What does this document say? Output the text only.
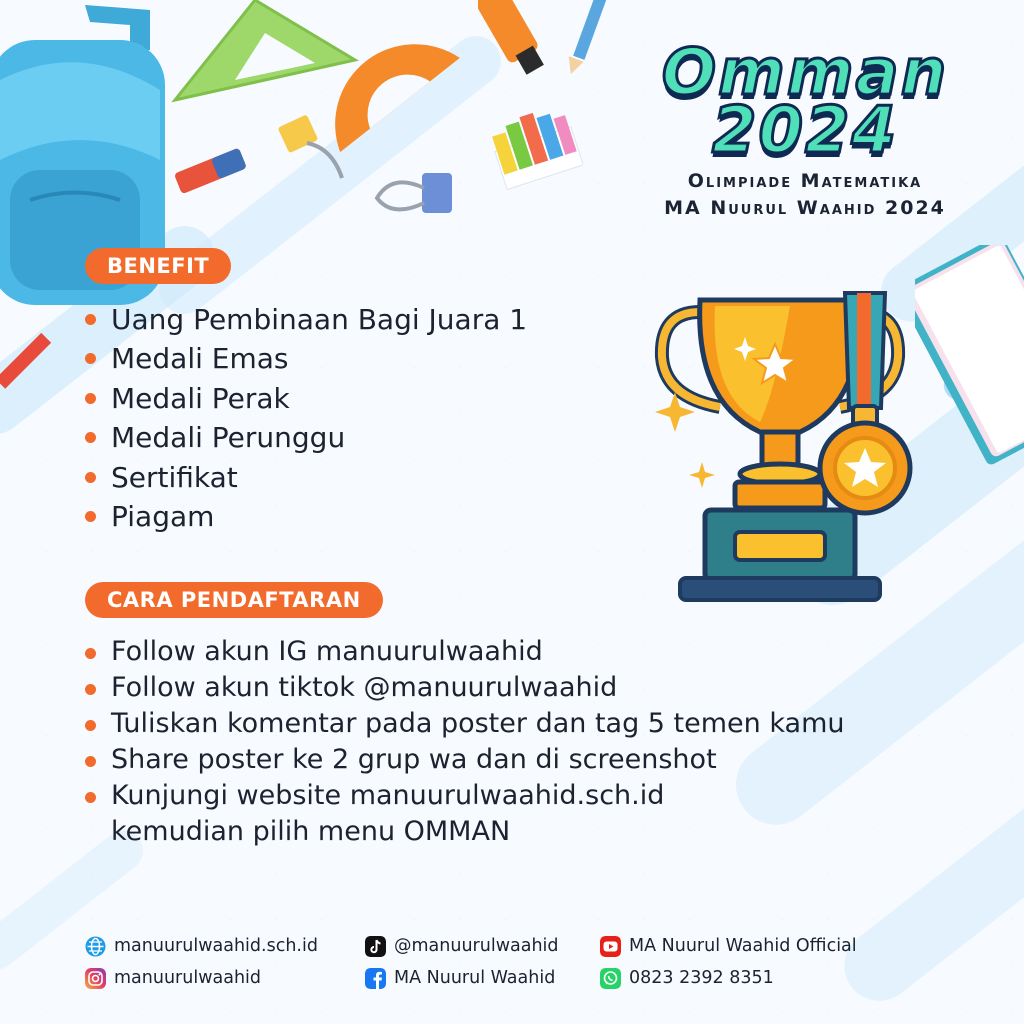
Omman
2024
Olimpiade Matematika
MA Nuurul Waahid 2024
BENEFIT
Uang Pembinaan Bagi Juara 1
Medali Emas
Medali Perak
Medali Perunggu
Sertifikat
Piagam
CARA PENDAFTARAN
Follow akun IG manuurulwaahid
Follow akun tiktok @manuurulwaahid
Tuliskan komentar pada poster dan tag 5 temen kamu
Share poster ke 2 grup wa dan di screenshot
Kunjungi website manuurulwaahid.sch.id
kemudian pilih menu OMMAN
manuurulwaahid.sch.id
manuurulwaahid
@manuurulwaahid
MA Nuurul Waahid
MA Nuurul Waahid Official
0823 2392 8351
